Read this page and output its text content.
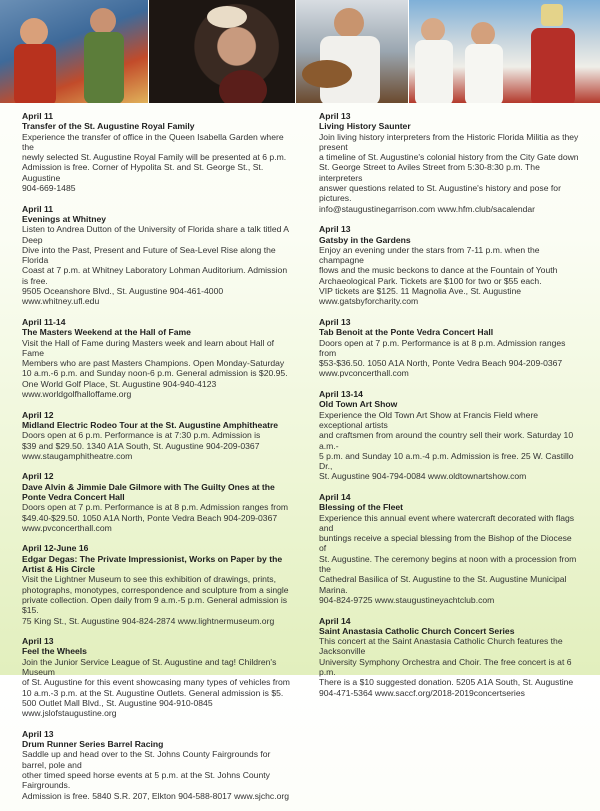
April 11
Transfer of the St. Augustine Royal Family
Experience the transfer of office in the Queen Isabella Garden where the
newly selected St. Augustine Royal Family will be presented at 6 p.m.
Admission is free. Corner of Hypolita St. and St. George St., St. Augustine
904-669-1485
April 11
Evenings at Whitney
Listen to Andrea Dutton of the University of Florida share a talk titled A Deep
Dive into the Past, Present and Future of Sea-Level Rise along the Florida
Coast at 7 p.m. at Whitney Laboratory Lohman Auditorium. Admission is free.
9505 Oceanshore Blvd., St. Augustine 904-461-4000 www.whitney.ufl.edu
April 11-14
The Masters Weekend at the Hall of Fame
Visit the Hall of Fame during Masters week and learn about Hall of Fame
Members who are past Masters Champions. Open Monday-Saturday
10 a.m.-6 p.m. and Sunday noon-6 p.m. General admission is $20.95.
One World Golf Place, St. Augustine 904-940-4123 www.worldgolfhalloffame.org
April 12
Midland Electric Rodeo Tour at the St. Augustine Amphitheatre
Doors open at 6 p.m. Performance is at 7:30 p.m. Admission is
$39 and $29.50. 1340 A1A South, St. Augustine 904-209-0367
www.staugamphitheatre.com
April 12
Dave Alvin & Jimmie Dale Gilmore with The Guilty Ones at the
Ponte Vedra Concert Hall
Doors open at 7 p.m. Performance is at 8 p.m. Admission ranges from
$49.40-$29.50. 1050 A1A North, Ponte Vedra Beach 904-209-0367
www.pvconcerthall.com
April 12-June 16
Edgar Degas: The Private Impressionist, Works on Paper by the
Artist & His Circle
Visit the Lightner Museum to see this exhibition of drawings, prints,
photographs, monotypes, correspondence and sculpture from a single
private collection. Open daily from 9 a.m.-5 p.m. General admission is $15.
75 King St., St. Augustine 904-824-2874 www.lightnermuseum.org
April 13
Feel the Wheels
Join the Junior Service League of St. Augustine and tag! Children's Museum
of St. Augustine for this event showcasing many types of vehicles from
10 a.m.-3 p.m. at the St. Augustine Outlets. General admission is $5.
500 Outlet Mall Blvd., St. Augustine 904-910-0845 www.jslofstaugustine.org
April 13
Drum Runner Series Barrel Racing
Saddle up and head over to the St. Johns County Fairgrounds for barrel, pole and
other timed speed horse events at 5 p.m. at the St. Johns County Fairgrounds.
Admission is free. 5840 S.R. 207, Elkton 904-588-8017 www.sjchc.org
April 13
Living History Saunter
Join living history interpreters from the Historic Florida Militia as they present
a timeline of St. Augustine's colonial history from the City Gate down
St. George Street to Aviles Street from 5:30-8:30 p.m. The interpreters
answer questions related to St. Augustine's history and pose for pictures.
info@staugustinegarrison.com www.hfm.club/sacalendar
April 13
Gatsby in the Gardens
Enjoy an evening under the stars from 7-11 p.m. when the champagne
flows and the music beckons to dance at the Fountain of Youth
Archaeological Park. Tickets are $100 for two or $55 each.
VIP tickets are $125. 11 Magnolia Ave., St. Augustine
www.gatsbyforcharity.com
April 13
Tab Benoit at the Ponte Vedra Concert Hall
Doors open at 7 p.m. Performance is at 8 p.m. Admission ranges from
$53-$36.50. 1050 A1A North, Ponte Vedra Beach 904-209-0367
www.pvconcerthall.com
April 13-14
Old Town Art Show
Experience the Old Town Art Show at Francis Field where exceptional artists
and craftsmen from around the country sell their work. Saturday 10 a.m.-
5 p.m. and Sunday 10 a.m.-4 p.m. Admission is free. 25 W. Castillo Dr.,
St. Augustine 904-794-0084 www.oldtownartshow.com
April 14
Blessing of the Fleet
Experience this annual event where watercraft decorated with flags and
buntings receive a special blessing from the Bishop of the Diocese of
St. Augustine. The ceremony begins at noon with a procession from the
Cathedral Basilica of St. Augustine to the St. Augustine Municipal Marina.
904-824-9725 www.staugustineyachtclub.com
April 14
Saint Anastasia Catholic Church Concert Series
This concert at the Saint Anastasia Catholic Church features the Jacksonville
University Symphony Orchestra and Choir. The free concert is at 6 p.m.
There is a $10 suggested donation. 5205 A1A South, St. Augustine
904-471-5364 www.saccf.org/2018-2019concertseries
